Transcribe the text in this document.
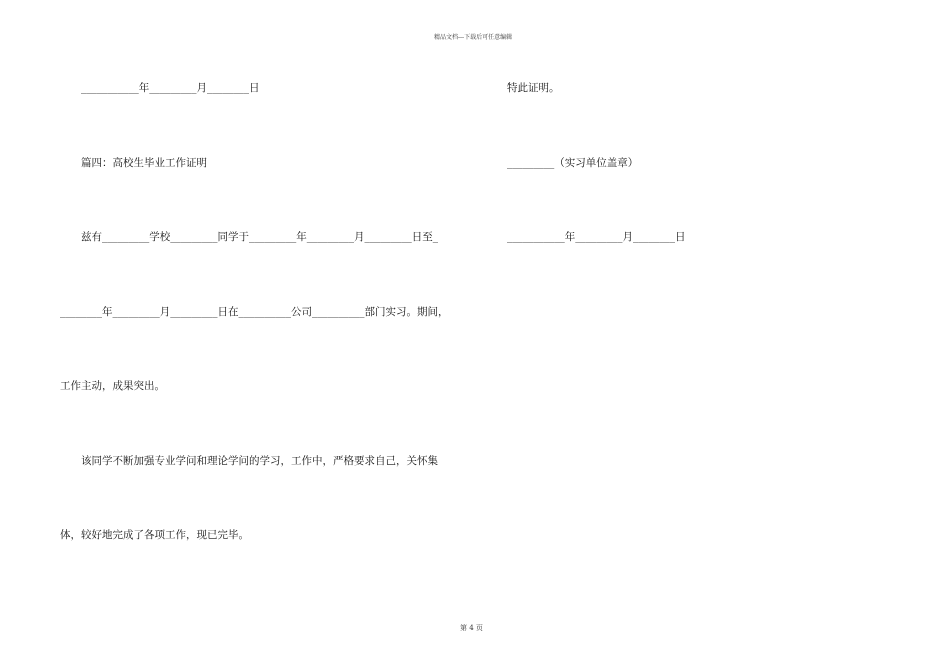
精品文档---下载后可任意编辑
___________年_________月________日
篇四：高校生毕业工作证明
兹有_________学校_________同学于_________年_________月_________日至_
________年_________月_________日在__________公司__________部门实习。期间，
工作主动，成果突出。
该同学不断加强专业学问和理论学问的学习，工作中，严格要求自己，关怀集
体，较好地完成了各项工作，现已完毕。
特此证明。
_________（实习单位盖章）
___________年_________月________日
第 4 页
